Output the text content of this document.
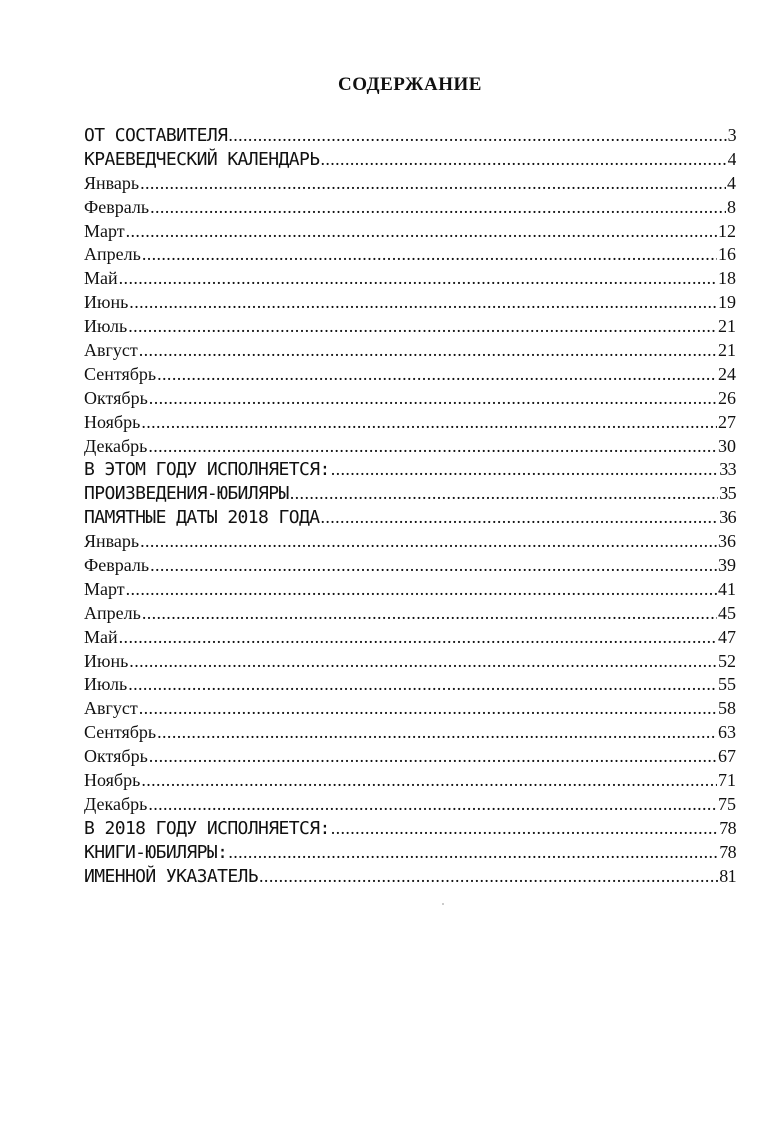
СОДЕРЖАНИЕ
ОТ СОСТАВИТЕЛЯ .....	3
КРАЕВЕДЧЕСКИЙ КАЛЕНДАРЬ .....	4
Январь .....	4
Февраль .....	8
Март .....	12
Апрель .....	16
Май .....	18
Июнь .....	19
Июль .....	21
Август .....	21
Сентябрь .....	24
Октябрь .....	26
Ноябрь .....	27
Декабрь .....	30
В ЭТОМ ГОДУ ИСПОЛНЯЕТСЯ: .....	33
ПРОИЗВЕДЕНИЯ-ЮБИЛЯРЫ .....	35
ПАМЯТНЫЕ ДАТЫ 2018 ГОДА .....	36
Январь .....	36
Февраль .....	39
Март .....	41
Апрель .....	45
Май .....	47
Июнь .....	52
Июль .....	55
Август .....	58
Сентябрь .....	63
Октябрь .....	67
Ноябрь .....	71
Декабрь .....	75
В 2018 ГОДУ ИСПОЛНЯЕТСЯ: .....	78
КНИГИ-ЮБИЛЯРЫ: .....	78
ИМЕННОЙ УКАЗАТЕЛЬ .....	81
